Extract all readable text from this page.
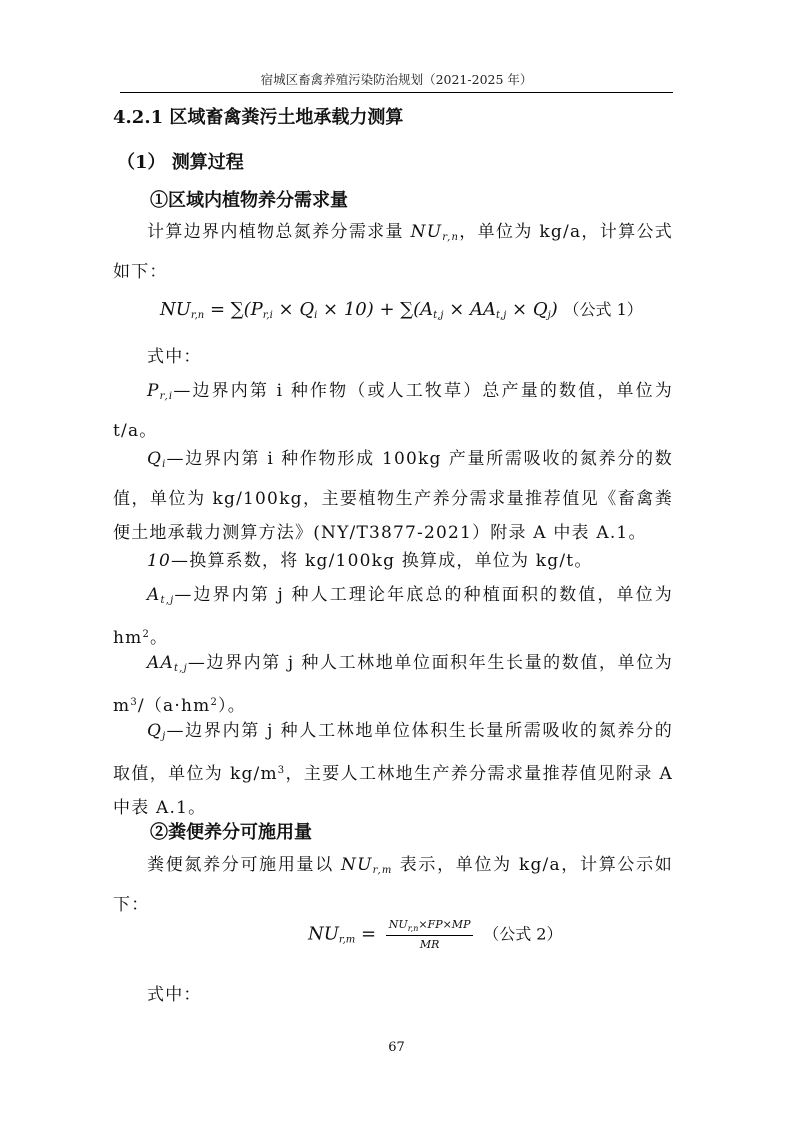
宿城区畜禽养殖污染防治规划（2021-2025 年）
4.2.1 区域畜禽粪污土地承载力测算
（1） 测算过程
①区域内植物养分需求量
计算边界内植物总氮养分需求量 $NU_{r,n}$，单位为 kg/a，计算公式如下：
$NU_{r,n} = \sum(P_{r,i} \times Q_i \times 10) + \sum(A_{t,j} \times AA_{t,j} \times Q_j)$ （公式 1）
式中：
$P_{r,i}—$边界内第 i 种作物（或人工牧草）总产量的数值，单位为 t/a。
$Q_i—$边界内第 i 种作物形成 100kg 产量所需吸收的氮养分的数值，单位为 kg/100kg，主要植物生产养分需求量推荐值见《畜禽粪便土地承载力测算方法》(NY/T3877-2021）附录 A 中表 A.1。
10—换算系数，将 kg/100kg 换算成，单位为 kg/t。
$A_{t,j}—$边界内第 j 种人工理论年底总的种植面积的数值，单位为 $hm^2$。
$AA_{t,j}—$边界内第 j 种人工林地单位面积年生长量的数值，单位为 $m^3/(a\cdot hm^2)$。
$Q_j—$边界内第 j 种人工林地单位体积生长量所需吸收的氮养分的取值，单位为 $kg/m^3$，主要人工林地生产养分需求量推荐值见附录 A 中表 A.1。
②粪便养分可施用量
粪便氮养分可施用量以 $NU_{r,m}$ 表示，单位为 kg/a，计算公示如下：
$NU_{r,m} = \frac{NU_{r,n}\times FP\times MP}{MR}$ （公式 2）
式中：
67
